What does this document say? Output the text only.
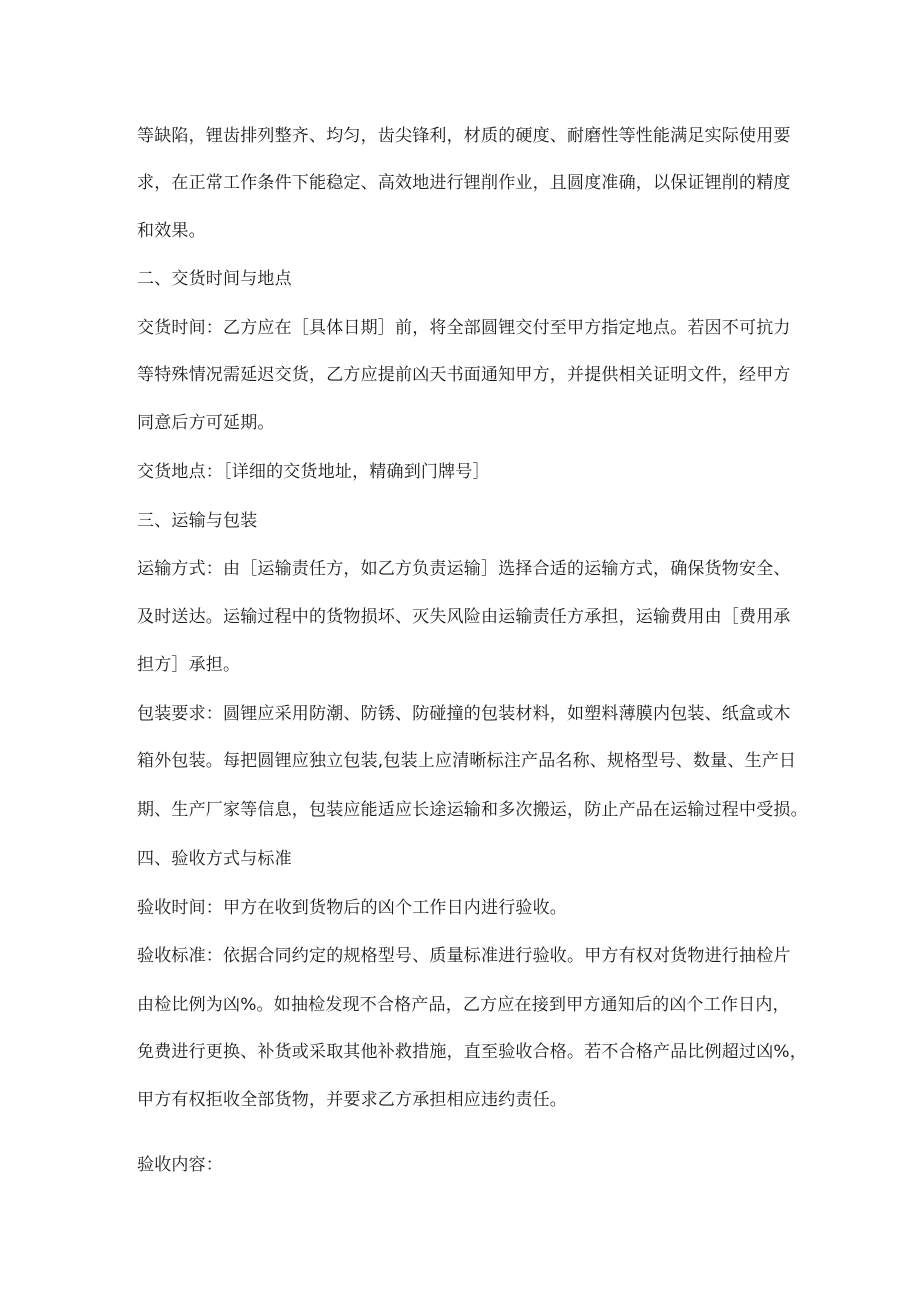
等缺陷，锂齿排列整齐、均匀，齿尖锋利，材质的硬度、耐磨性等性能满足实际使用要
求，在正常工作条件下能稳定、高效地进行锂削作业，且圆度准确，以保证锂削的精度
和效果。
二、交货时间与地点
交货时间：乙方应在［具体日期］前，将全部圆锂交付至甲方指定地点。若因不可抗力
等特殊情况需延迟交货，乙方应提前凶天书面通知甲方，并提供相关证明文件，经甲方
同意后方可延期。
交货地点：［详细的交货地址，精确到门牌号］
三、运输与包装
运输方式：由［运输责任方，如乙方负责运输］选择合适的运输方式，确保货物安全、
及时送达。运输过程中的货物损坏、灭失风险由运输责任方承担，运输费用由［费用承
担方］承担。
包装要求：圆锂应采用防潮、防锈、防碰撞的包装材料，如塑料薄膜内包装、纸盒或木
箱外包装。每把圆锂应独立包装,包装上应清晰标注产品名称、规格型号、数量、生产日
期、生产厂家等信息，包装应能适应长途运输和多次搬运，防止产品在运输过程中受损。
四、验收方式与标准
验收时间：甲方在收到货物后的凶个工作日内进行验收。
验收标准：依据合同约定的规格型号、质量标准进行验收。甲方有权对货物进行抽检片
由检比例为凶%。如抽检发现不合格产品，乙方应在接到甲方通知后的凶个工作日内，
免费进行更换、补货或采取其他补救措施，直至验收合格。若不合格产品比例超过凶%，
甲方有权拒收全部货物，并要求乙方承担相应违约责任。
验收内容：
